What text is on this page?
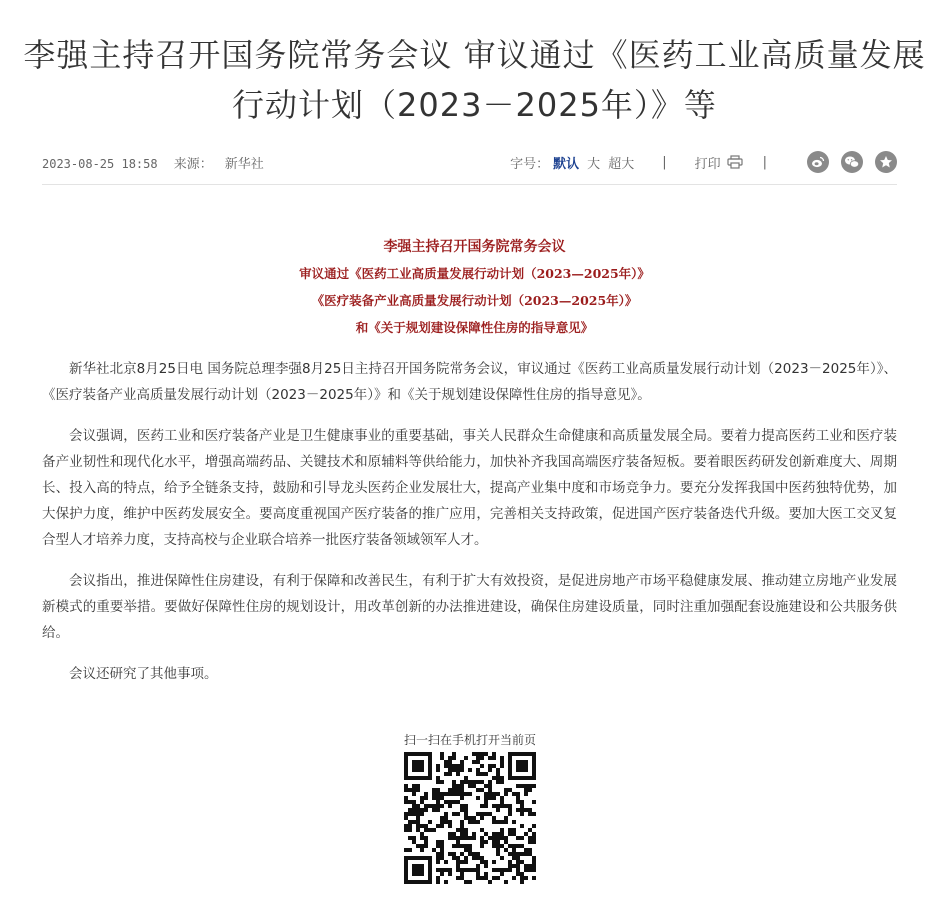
李强主持召开国务院常务会议 审议通过《医药工业高质量发展行动计划（2023－2025年）》等
2023-08-25 18:58 来源： 新华社	字号： 默认 大 超大 | 打印	|
李强主持召开国务院常务会议
审议通过《医药工业高质量发展行动计划（2023—2025年）》
《医疗装备产业高质量发展行动计划（2023—2025年）》
和《关于规划建设保障性住房的指导意见》

新华社北京8月25日电 国务院总理李强8月25日主持召开国务院常务会议，审议通过《医药工业高质量发展行动计划（2023－2025年）》、《医疗装备产业高质量发展行动计划（2023－2025年）》和《关于规划建设保障性住房的指导意见》。

会议强调，医药工业和医疗装备产业是卫生健康事业的重要基础，事关人民群众生命健康和高质量发展全局。要着力提高医药工业和医疗装备产业韧性和现代化水平，增强高端药品、关键技术和原辅料等供给能力，加快补齐我国高端医疗装备短板。要着眼医药研发创新难度大、周期长、投入高的特点，给予全链条支持，鼓励和引导龙头医药企业发展壮大，提高产业集中度和市场竞争力。要充分发挥我国中医药独特优势，加大保护力度，维护中医药发展安全。要高度重视国产医疗装备的推广应用，完善相关支持政策，促进国产医疗装备迭代升级。要加大医工交叉复合型人才培养力度，支持高校与企业联合培养一批医疗装备领域领军人才。

会议指出，推进保障性住房建设，有利于保障和改善民生，有利于扩大有效投资，是促进房地产市场平稳健康发展、推动建立房地产业发展新模式的重要举措。要做好保障性住房的规划设计，用改革创新的办法推进建设，确保住房建设质量，同时注重加强配套设施建设和公共服务供给。

会议还研究了其他事项。

扫一扫在手机打开当前页
